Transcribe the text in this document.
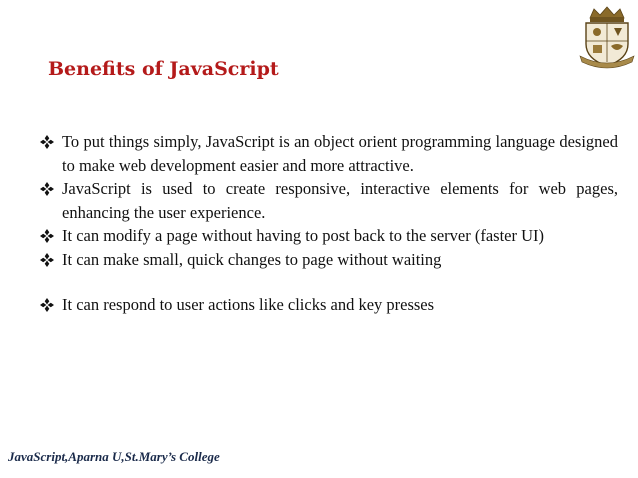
Benefits of JavaScript
To put things simply, JavaScript is an object orient programming language designed to make web development easier and more attractive.
JavaScript is used to create responsive, interactive elements for web pages, enhancing the user experience.
It can modify a page without having to post back to the server (faster UI)
It can make small, quick changes to page without waiting
It can respond to user actions like clicks and key presses
JavaScript,Aparna U,St.Mary’s College
